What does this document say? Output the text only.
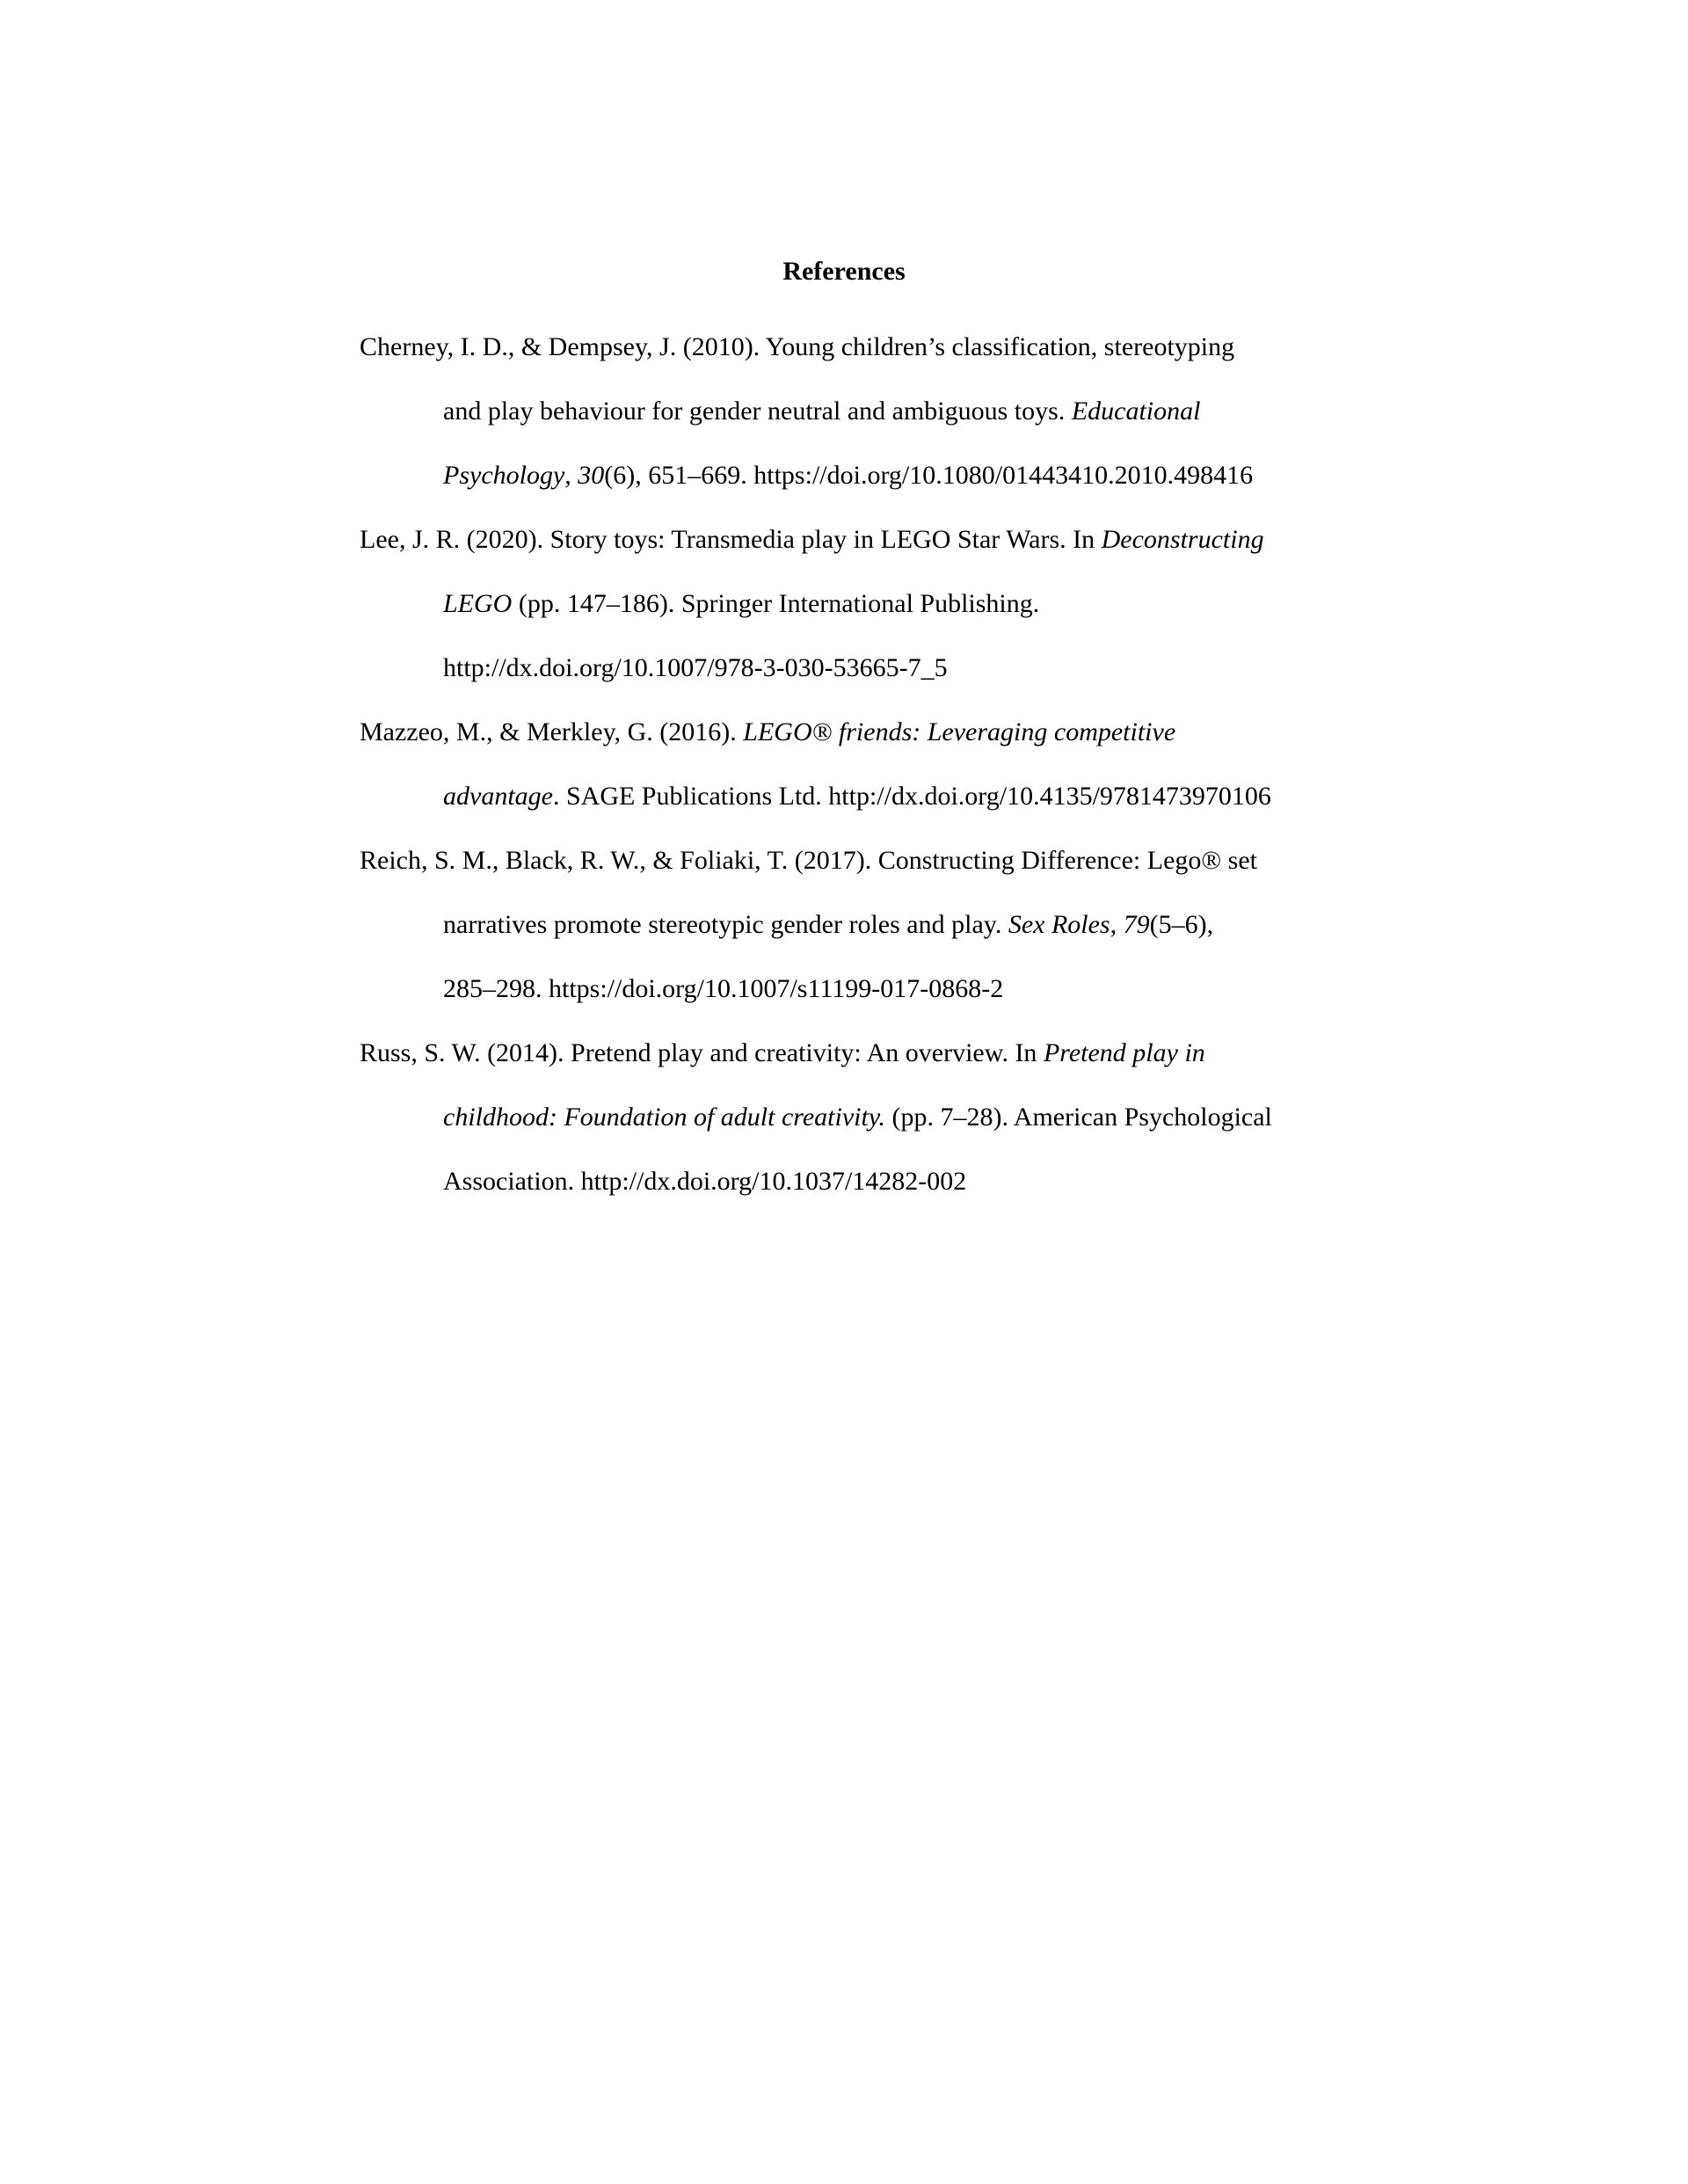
References
Cherney, I. D., & Dempsey, J. (2010). Young children’s classification, stereotyping
and play behaviour for gender neutral and ambiguous toys. Educational
Psychology, 30(6), 651–669. https://doi.org/10.1080/01443410.2010.498416
Lee, J. R. (2020). Story toys: Transmedia play in LEGO Star Wars. In Deconstructing
LEGO (pp. 147–186). Springer International Publishing.
http://dx.doi.org/10.1007/978-3-030-53665-7_5
Mazzeo, M., & Merkley, G. (2016). LEGO® friends: Leveraging competitive
advantage. SAGE Publications Ltd. http://dx.doi.org/10.4135/9781473970106
Reich, S. M., Black, R. W., & Foliaki, T. (2017). Constructing Difference: Lego® set
narratives promote stereotypic gender roles and play. Sex Roles, 79(5–6),
285–298. https://doi.org/10.1007/s11199-017-0868-2
Russ, S. W. (2014). Pretend play and creativity: An overview. In Pretend play in
childhood: Foundation of adult creativity. (pp. 7–28). American Psychological
Association. http://dx.doi.org/10.1037/14282-002
